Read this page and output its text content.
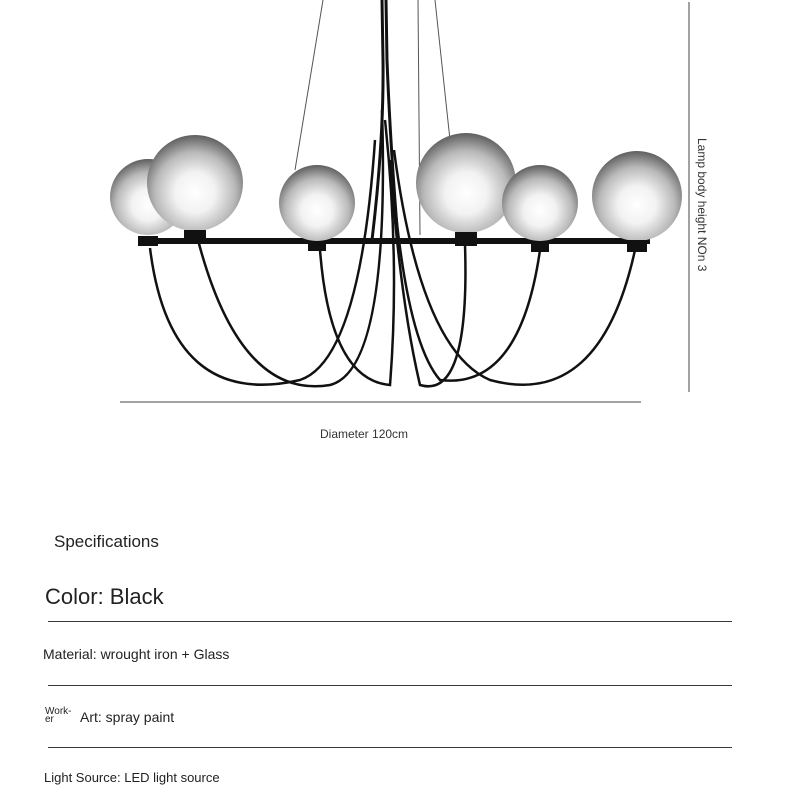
Diameter 120cm
Lamp body height NOn 3
Specifications
Color: Black
Material: wrought iron + Glass
Work-
er Art: spray paint
Light Source: LED light source
